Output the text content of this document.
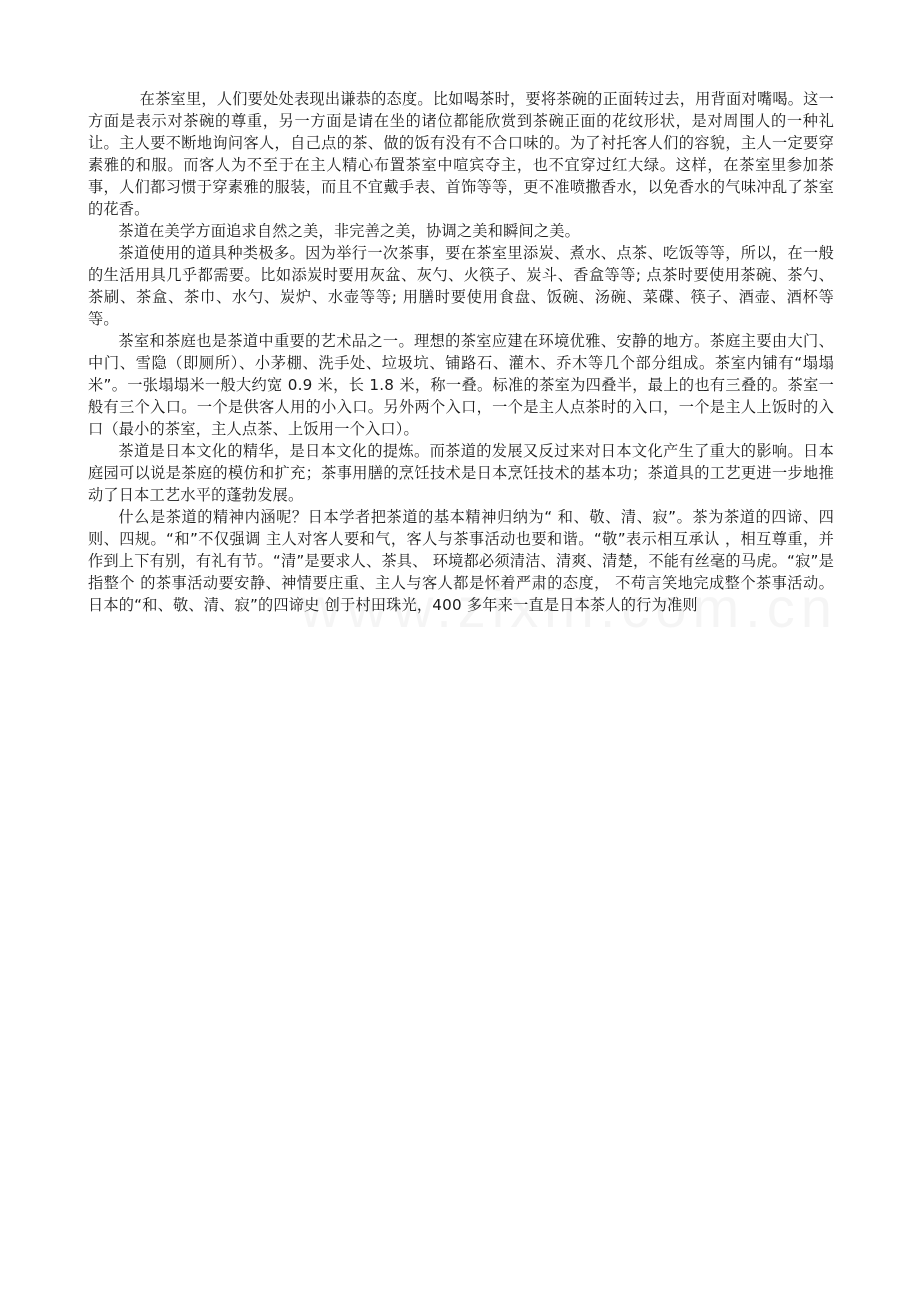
在茶室里，人们要处处表现出谦恭的态度。比如喝茶时，要将茶碗的正面转过去，用背面对嘴喝。这一方面是表示对茶碗的尊重，另一方面是请在坐的诸位都能欣赏到茶碗正面的花纹形状，是对周围人的一种礼让。主人要不断地询问客人，自己点的茶、做的饭有没有不合口味的。为了衬托客人们的容貌，主人一定要穿素雅的和服。而客人为不至于在主人精心布置茶室中喧宾夺主，也不宜穿过红大绿。这样，在茶室里参加茶事，人们都习惯于穿素雅的服装，而且不宜戴手表、首饰等等，更不准喷撒香水，以免香水的气味冲乱了茶室的花香。

茶道在美学方面追求自然之美，非完善之美，协调之美和瞬间之美。

茶道使用的道具种类极多。因为举行一次茶事，要在茶室里添炭、煮水、点茶、吃饭等等，所以，在一般的生活用具几乎都需要。比如添炭时要用灰盆、灰勺、火筷子、炭斗、香盒等等; 点茶时要使用茶碗、茶勺、茶刷、茶盒、茶巾、水勺、炭炉、水壶等等; 用膳时要使用食盘、饭碗、汤碗、菜碟、筷子、酒壶、酒杯等等。

茶室和茶庭也是茶道中重要的艺术品之一。理想的茶室应建在环境优雅、安静的地方。茶庭主要由大门、中门、雪隐（即厕所）、小茅棚、洗手处、垃圾坑、铺路石、灌木、乔木等几个部分组成。茶室内铺有“塌塌米”。一张塌塌米一般大约宽 0.9 米，长 1.8 米，称一叠。标准的茶室为四叠半，最上的也有三叠的。茶室一般有三个入口。一个是供客人用的小入口。另外两个入口，一个是主人点茶时的入口，一个是主人上饭时的入口（最小的茶室，主人点茶、上饭用一个入口）。

茶道是日本文化的精华，是日本文化的提炼。而茶道的发展又反过来对日本文化产生了重大的影响。日本庭园可以说是茶庭的模仿和扩充；茶事用膳的烹饪技术是日本烹饪技术的基本功；茶道具的工艺更进一步地推动了日本工艺水平的蓬勃发展。

什么是茶道的精神内涵呢？日本学者把茶道的基本精神归纳为“ 和、敬、清、寂”。茶为茶道的四谛、四则、四规。“和”不仅强调 主人对客人要和气，客人与茶事活动也要和谐。“敬”表示相互承认 ，相互尊重，并作到上下有别，有礼有节。“清”是要求人、茶具、 环境都必须清洁、清爽、清楚，不能有丝毫的马虎。“寂”是指整个 的茶事活动要安静、神情要庄重、主人与客人都是怀着严肃的态度， 不苟言笑地完成整个茶事活动。日本的“和、敬、清、寂”的四谛史 创于村田珠光，400 多年来一直是日本茶人的行为准则
